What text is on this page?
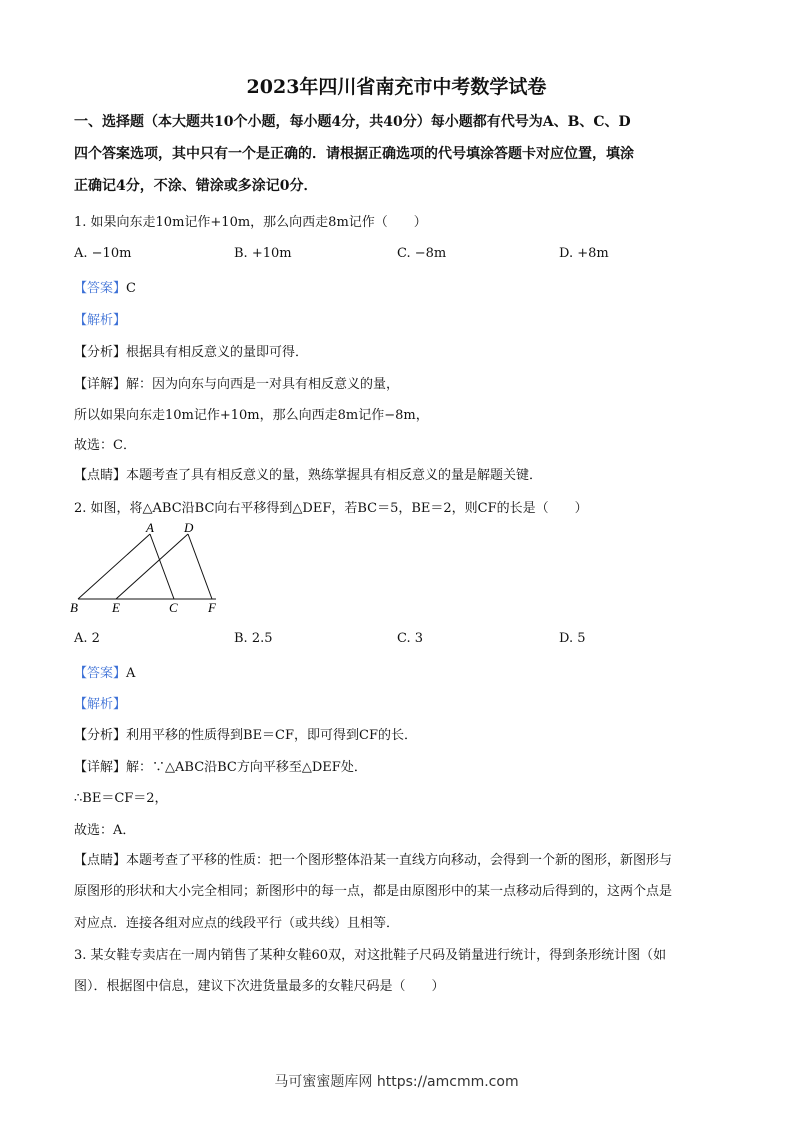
2023年四川省南充市中考数学试卷
一、选择题（本大题共10个小题，每小题4分，共40分）每小题都有代号为A、B、C、D
四个答案选项，其中只有一个是正确的．请根据正确选项的代号填涂答题卡对应位置，填涂
正确记4分，不涂、错涂或多涂记0分．
1. 如果向东走10m记作+10m，那么向西走8m记作（　　）
A. −10m	B. +10m	C. −8m	D. +8m
【答案】C
【解析】
【分析】根据具有相反意义的量即可得．
【详解】解：因为向东与向西是一对具有相反意义的量，
所以如果向东走10m记作+10m，那么向西走8m记作−8m，
故选：C．
【点睛】本题考查了具有相反意义的量，熟练掌握具有相反意义的量是解题关键．
2. 如图，将△ABC沿BC向右平移得到△DEF，若BC＝5，BE＝2，则CF的长是（　　）
A D
B	E	C F
A. 2	B. 2.5	C. 3	D. 5
【答案】A
【解析】
【分析】利用平移的性质得到BE＝CF，即可得到CF的长．
【详解】解：∵△ABC沿BC方向平移至△DEF处．
∴BE＝CF＝2，
故选：A．
【点睛】本题考查了平移的性质：把一个图形整体沿某一直线方向移动，会得到一个新的图形，新图形与
原图形的形状和大小完全相同；新图形中的每一点，都是由原图形中的某一点移动后得到的，这两个点是
对应点．连接各组对应点的线段平行（或共线）且相等．
3. 某女鞋专卖店在一周内销售了某种女鞋60双，对这批鞋子尺码及销量进行统计，得到条形统计图（如
图）．根据图中信息，建议下次进货量最多的女鞋尺码是（　　）
马可蜜蜜题库网 https://amcmm.com
